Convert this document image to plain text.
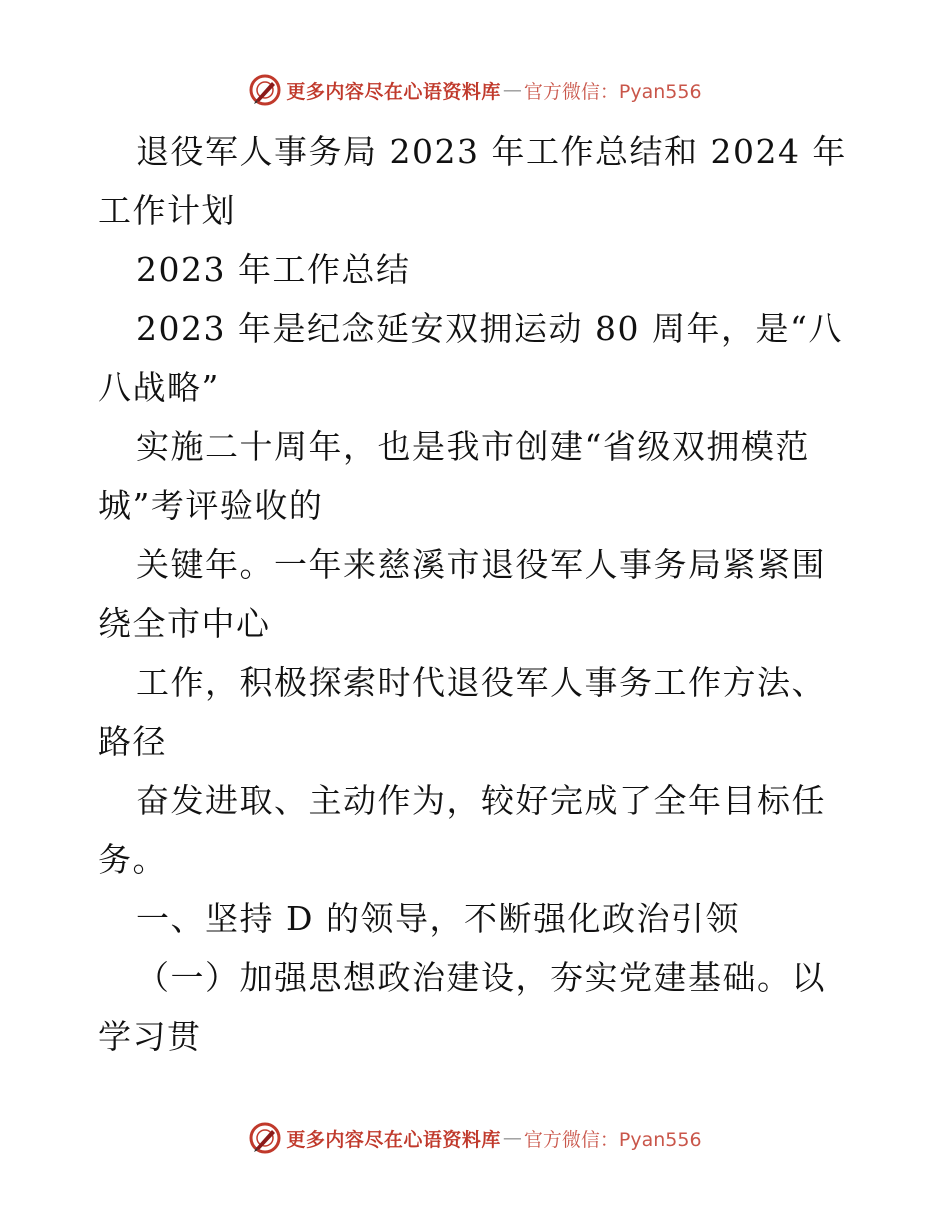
更多内容尽在心语资料库 — 官方微信：Pyan556

退役军人事务局 2023 年工作总结和 2024 年工作计划

2023 年工作总结

2023 年是纪念延安双拥运动 80 周年，是“八八战略”

实施二十周年，也是我市创建“省级双拥模范城”考评验收的

关键年。一年来慈溪市退役军人事务局紧紧围绕全市中心

工作，积极探索时代退役军人事务工作方法、路径

奋发进取、主动作为，较好完成了全年目标任务。

一、坚持 D 的领导，不断强化政治引领

（一）加强思想政治建设，夯实党建基础。以学习贯

更多内容尽在心语资料库 — 官方微信：Pyan556
